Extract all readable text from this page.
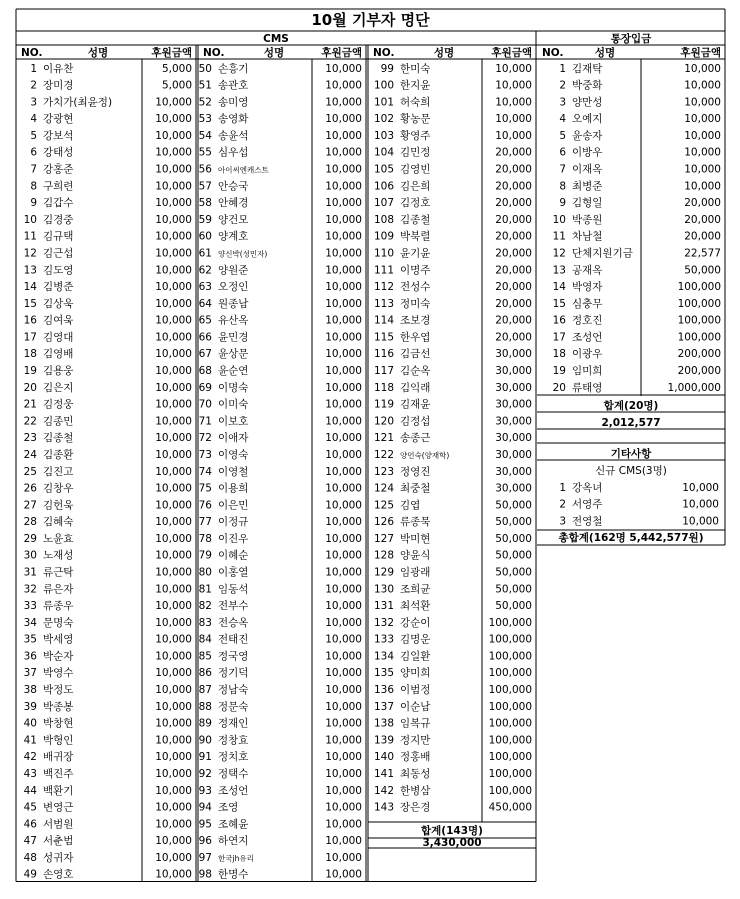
10월 기부자 명단
CMS	통장입금
NO.	성명	후원금액
1 이유찬	5,000
2 장미경	5,000
3 가치가(최윤정)	10,000
4 강광현	10,000
5 강보석	10,000
6 강태성	10,000
7 강홍준	10,000
8 구희련	10,000
9 김갑수	10,000
10 김경중	10,000
11 김규택	10,000
12 김근섭	10,000
13 김도영	10,000
14 김병준	10,000
15 김상욱	10,000
16 김여욱	10,000
17 김영대	10,000
18 김영배	10,000
19 김용웅	10,000
20 김은지	10,000
21 김정웅	10,000
22 김종민	10,000
23 김종철	10,000
24 김종환	10,000
25 김진고	10,000
26 김창우	10,000
27 김헌욱	10,000
28 김혜숙	10,000
29 노윤효	10,000
30 노재성	10,000
31 류근탁	10,000
32 류은자	10,000
33 류종우	10,000
34 문명숙	10,000
35 박세영	10,000
36 박순자	10,000
37 박영수	10,000
38 박정도	10,000
39 박종봉	10,000
40 박창현	10,000
41 박형인	10,000
42 배귀장	10,000
43 백진주	10,000
44 백환기	10,000
45 변영근	10,000
46 서범원	10,000
47 서춘범	10,000
48 성귀자	10,000
49 손영호	10,000
NO.	성명	후원금액
50 손흥기	10,000
51 송관호	10,000
52 송미영	10,000
53 송영화	10,000
54 송윤석	10,000
55 심우섭	10,000
56 아이씨엔캐스트	10,000
57 안승국	10,000
58 안혜경	10,000
59 양건모	10,000
60 양계호	10,000
61 양신박(성민자)	10,000
62 양원준	10,000
63 오정인	10,000
64 원종남	10,000
65 유산옥	10,000
66 윤민경	10,000
67 윤상문	10,000
68 윤순연	10,000
69 이명숙	10,000
70 이미숙	10,000
71 이보호	10,000
72 이애자	10,000
73 이영숙	10,000
74 이영철	10,000
75 이용희	10,000
76 이은민	10,000
77 이정규	10,000
78 이진우	10,000
79 이혜순	10,000
80 이홍열	10,000
81 임동석	10,000
82 전부수	10,000
83 전승옥	10,000
84 전태진	10,000
85 정국영	10,000
86 정기덕	10,000
87 정남숙	10,000
88 정문숙	10,000
89 정재인	10,000
90 정창효	10,000
91 정치호	10,000
92 정택수	10,000
93 조성언	10,000
94 조영	10,000
95 조혜윤	10,000
96 하연지	10,000
97 한국jh유리	10,000
98 한명수	10,000
NO.	성명	후원금액
99 한미숙	10,000
100 한지윤	10,000
101 허숙희	10,000
102 황농문	10,000
103 황영주	10,000
104 김민정	20,000
105 김영빈	20,000
106 김은희	20,000
107 김정호	20,000
108 김종철	20,000
109 박북렬	20,000
110 윤기윤	20,000
111 이명주	20,000
112 전성수	20,000
113 정미숙	20,000
114 조보경	20,000
115 한우엽	20,000
116 김금선	30,000
117 김순옥	30,000
118 김익래	30,000
119 김재윤	30,000
120 김정섭	30,000
121 송종근	30,000
122 양언숙(양재학)	30,000
123 정영진	30,000
124 최중철	30,000
125 김엽	50,000
126 류종묵	50,000
127 박미현	50,000
128 양윤식	50,000
129 임광래	50,000
130 조희균	50,000
131 최석환	50,000
132 강순이	100,000
133 김명운	100,000
134 김일환	100,000
135 양미희	100,000
136 이범정	100,000
137 이순남	100,000
138 임복규	100,000
139 정지만	100,000
140 정홍배	100,000
141 최동성	100,000
142 한병삼	100,000
143 장은경	450,000
합계(143명)
3,430,000
NO.	성명	후원금액
1 김재탁	10,000
2 박중화	10,000
3 양만성	10,000
4 오예지	10,000
5 윤송자	10,000
6 이방우	10,000
7 이재옥	10,000
8 최병준	10,000
9 김형일	20,000
10 박종원	20,000
11 차남철	20,000
12 단체지원기금	22,577
13 공재옥	50,000
14 박영자	100,000
15 심충무	100,000
16 정호진	100,000
17 조성언	100,000
18 이광우	200,000
19 임미희	200,000
20 류태영	1,000,000
합계(20명)
2,012,577
기타사항
신규 CMS(3명)
1 강옥녀	10,000
2 서영주	10,000
3 전영철	10,000
총합계(162명 5,442,577원)
